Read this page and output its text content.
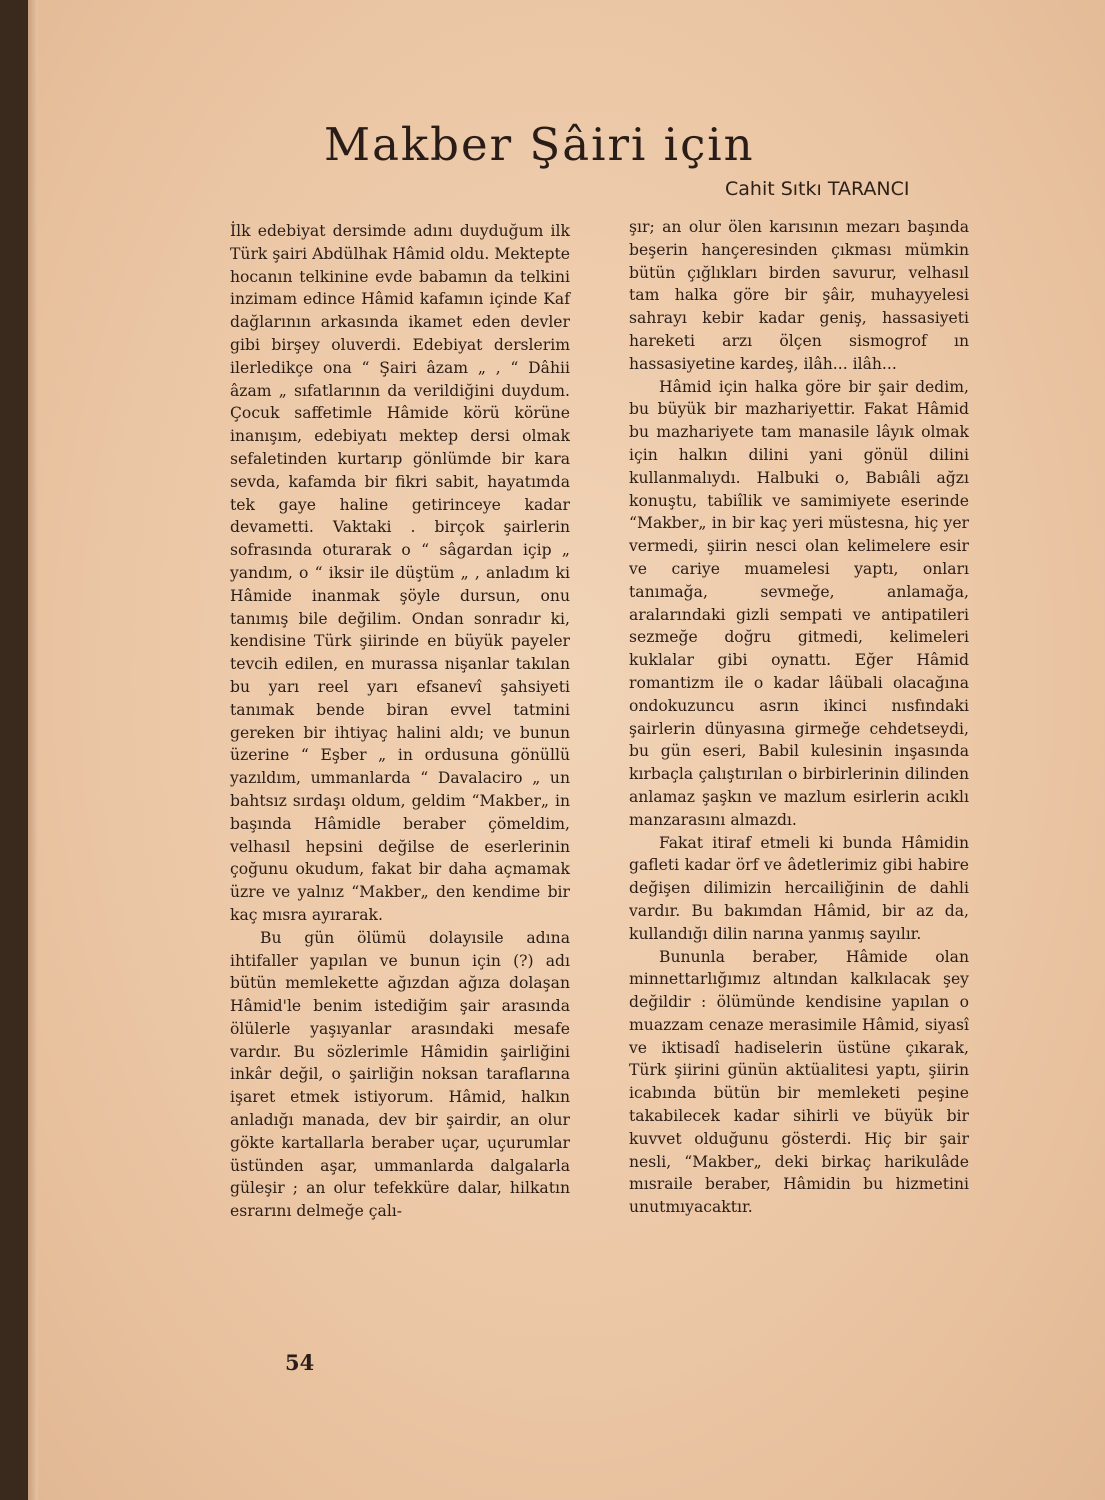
Makber Şâiri için
Cahit Sıtkı TARANCI

İlk edebiyat dersimde adını duyduğum ilk Türk şairi Abdülhak Hâmid oldu. Mektepte hocanın telkinine evde babamın da telkini inzimam edince Hâmid kafamın içinde Kaf dağlarının arkasında ikamet eden devler gibi birşey oluverdi. Edebiyat derslerim ilerledikçe ona “ Şairi âzam „ , “ Dâhii âzam „ sıfatlarının da verildiğini duydum. Çocuk saffetimle Hâmide körü körüne inanışım, edebiyatı mektep dersi olmak sefaletinden kurtarıp gönlümde bir kara sevda, kafamda bir fikri sabit, hayatımda tek gaye haline getirinceye kadar devametti. Vaktaki . birçok şairlerin sofrasında oturarak o “ sâgardan içip „ yandım, o “ iksir ile düştüm „ , anladım ki Hâmide inanmak şöyle dursun, onu tanımış bile değilim. Ondan sonradır ki, kendisine Türk şiirinde en büyük payeler tevcih edilen, en murassa nişanlar takılan bu yarı reel yarı efsanevî şahsiyeti tanımak bende biran evvel tatmini gereken bir ihtiyaç halini aldı; ve bunun üzerine “ Eşber „ in ordusuna gönüllü yazıldım, ummanlarda “ Davalaciro „ un bahtsız sırdaşı oldum, geldim “Makber„ in başında Hâmidle beraber çömeldim, velhasıl hepsini değilse de eserlerinin çoğunu okudum, fakat bir daha açmamak üzre ve yalnız “Makber„ den kendime bir kaç mısra ayırarak.

Bu gün ölümü dolayısile adına ihtifaller yapılan ve bunun için (?) adı bütün memlekette ağızdan ağıza dolaşan Hâmid'le benim istediğim şair arasında ölülerle yaşıyanlar arasındaki mesafe vardır. Bu sözlerimle Hâmidin şairliğini inkâr değil, o şairliğin noksan taraflarına işaret etmek istiyorum. Hâmid, halkın anladığı manada, dev bir şairdir, an olur gökte kartallarla beraber uçar, uçurumlar üstünden aşar, ummanlarda dalgalarla güleşir ; an olur tefekküre dalar, hilkatın esrarını delmeğe çalı-

şır; an olur ölen karısının mezarı başında beşerin hançeresinden çıkması mümkin bütün çığlıkları birden savurur, velhasıl tam halka göre bir şâir, muhayyelesi sahrayı kebir kadar geniş, hassasiyeti hareketi arzı ölçen sismogrof ın hassasiyetine kardeş, ilâh... ilâh...

Hâmid için halka göre bir şair dedim, bu büyük bir mazhariyettir. Fakat Hâmid bu mazhariyete tam manasile lâyık olmak için halkın dilini yani gönül dilini kullanmalıydı. Halbuki o, Babıâli ağzı konuştu, tabiîlik ve samimiyete eserinde “Makber„ in bir kaç yeri müstesna, hiç yer vermedi, şiirin nesci olan kelimelere esir ve cariye muamelesi yaptı, onları tanımağa, sevmeğe, anlamağa, aralarındaki gizli sempati ve antipatileri sezmeğe doğru gitmedi, kelimeleri kuklalar gibi oynattı. Eğer Hâmid romantizm ile o kadar lâübali olacağına ondokuzuncu asrın ikinci nısfındaki şairlerin dünyasına girmeğe cehdetseydi, bu gün eseri, Babil kulesinin inşasında kırbaçla çalıştırılan o birbirlerinin dilinden anlamaz şaşkın ve mazlum esirlerin acıklı manzarasını almazdı.

Fakat itiraf etmeli ki bunda Hâmidin gafleti kadar örf ve âdetlerimiz gibi habire değişen dilimizin hercailiğinin de dahli vardır. Bu bakımdan Hâmid, bir az da, kullandığı dilin narına yanmış sayılır.

Bununla beraber, Hâmide olan minnettarlığımız altından kalkılacak şey değildir : ölümünde kendisine yapılan o muazzam cenaze merasimile Hâmid, siyasî ve iktisadî hadiselerin üstüne çıkarak, Türk şiirini günün aktüalitesi yaptı, şiirin icabında bütün bir memleketi peşine takabilecek kadar sihirli ve büyük bir kuvvet olduğunu gösterdi. Hiç bir şair nesli, “Makber„ deki birkaç harikulâde mısraile beraber, Hâmidin bu hizmetini unutmıyacaktır.

54
